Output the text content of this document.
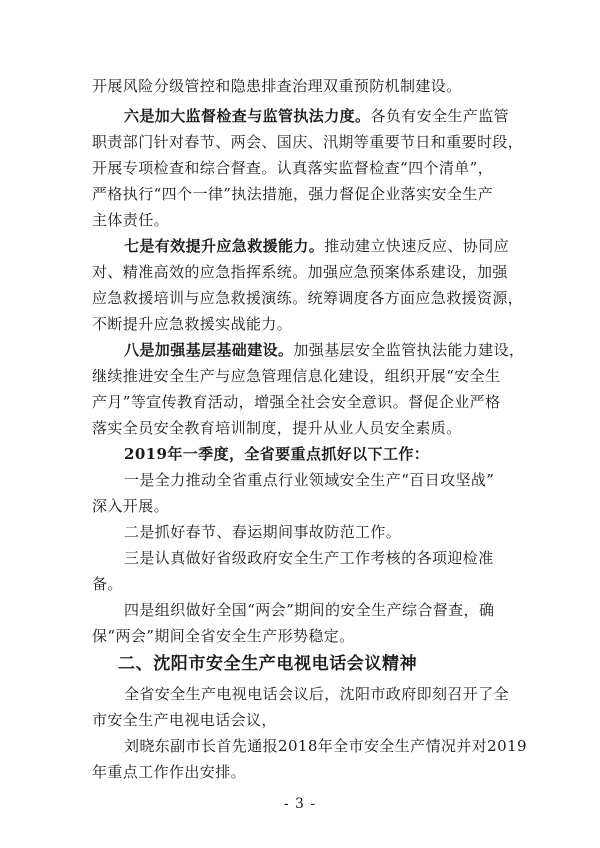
开展风险分级管控和隐患排查治理双重预防机制建设。
六是加大监督检查与监管执法力度。各负有安全生产监管
职责部门针对春节、两会、国庆、汛期等重要节日和重要时段，
开展专项检查和综合督查。认真落实监督检查“四个清单”，
严格执行“四个一律”执法措施，强力督促企业落实安全生产
主体责任。
七是有效提升应急救援能力。推动建立快速反应、协同应
对、精准高效的应急指挥系统。加强应急预案体系建设，加强
应急救援培训与应急救援演练。统筹调度各方面应急救援资源，
不断提升应急救援实战能力。
八是加强基层基础建设。加强基层安全监管执法能力建设，
继续推进安全生产与应急管理信息化建设，组织开展“安全生
产月”等宣传教育活动，增强全社会安全意识。督促企业严格
落实全员安全教育培训制度，提升从业人员安全素质。
2019年一季度，全省要重点抓好以下工作：
一是全力推动全省重点行业领域安全生产“百日攻坚战”
深入开展。
二是抓好春节、春运期间事故防范工作。
三是认真做好省级政府安全生产工作考核的各项迎检准
备。
四是组织做好全国“两会”期间的安全生产综合督查，确
保“两会”期间全省安全生产形势稳定。
二、沈阳市安全生产电视电话会议精神
全省安全生产电视电话会议后，沈阳市政府即刻召开了全
市安全生产电视电话会议，
刘晓东副市长首先通报2018年全市安全生产情况并对2019
年重点工作作出安排。
- 3 -
